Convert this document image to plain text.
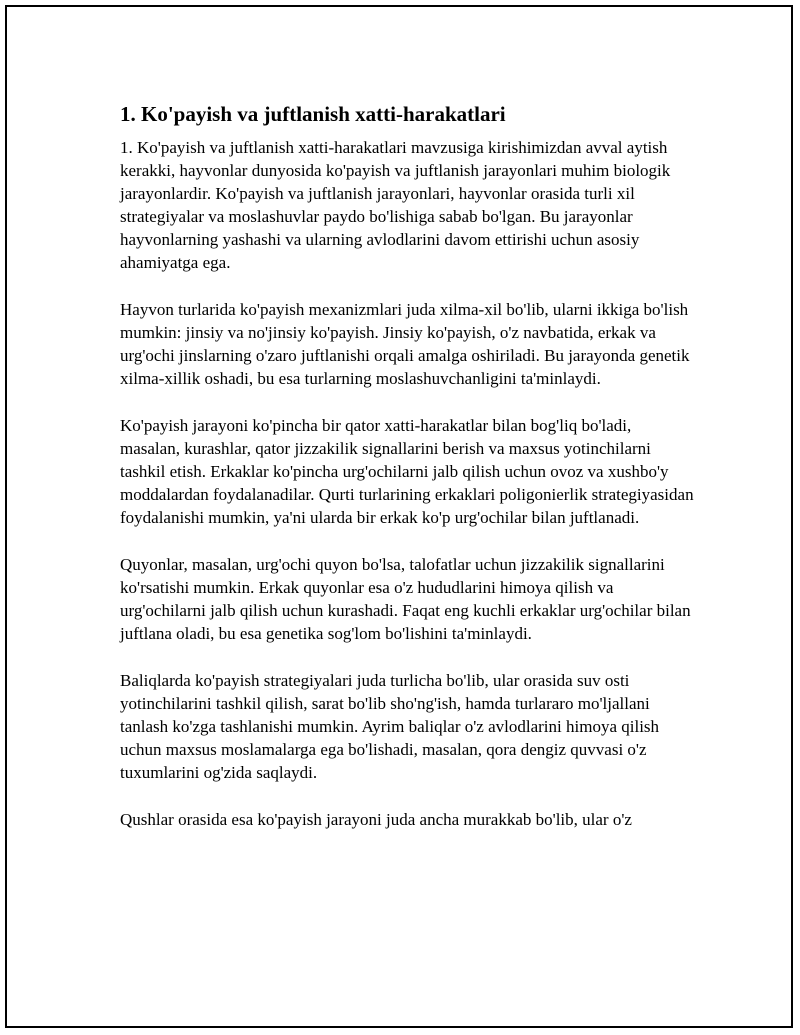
1. Ko'payish va juftlanish xatti-harakatlari

1. Ko'payish va juftlanish xatti-harakatlari mavzusiga kirishimizdan avval aytish kerakki, hayvonlar dunyosida ko'payish va juftlanish jarayonlari muhim biologik jarayonlardir. Ko'payish va juftlanish jarayonlari, hayvonlar orasida turli xil strategiyalar va moslashuvlar paydo bo'lishiga sabab bo'lgan. Bu jarayonlar hayvonlarning yashashi va ularning avlodlarini davom ettirishi uchun asosiy ahamiyatga ega.

Hayvon turlarida ko'payish mexanizmlari juda xilma-xil bo'lib, ularni ikkiga bo'lish mumkin: jinsiy va no'jinsiy ko'payish. Jinsiy ko'payish, o'z navbatida, erkak va urg'ochi jinslarning o'zaro juftlanishi orqali amalga oshiriladi. Bu jarayonda genetik xilma-xillik oshadi, bu esa turlarning moslashuvchanligini ta'minlaydi.

Ko'payish jarayoni ko'pincha bir qator xatti-harakatlar bilan bog'liq bo'ladi, masalan, kurashlar, qator jizzakilik signallarini berish va maxsus yotinchilarni tashkil etish. Erkaklar ko'pincha urg'ochilarni jalb qilish uchun ovoz va xushbo'y moddalardan foydalanadilar. Qurti turlarining erkaklari poligonierlik strategiyasidan foydalanishi mumkin, ya'ni ularda bir erkak ko'p urg'ochilar bilan juftlanadi.

Quyonlar, masalan, urg'ochi quyon bo'lsa, talofatlar uchun jizzakilik signallarini ko'rsatishi mumkin. Erkak quyonlar esa o'z hududlarini himoya qilish va urg'ochilarni jalb qilish uchun kurashadi. Faqat eng kuchli erkaklar urg'ochilar bilan juftlana oladi, bu esa genetika sog'lom bo'lishini ta'minlaydi.

Baliqlarda ko'payish strategiyalari juda turlicha bo'lib, ular orasida suv osti yotinchilarini tashkil qilish, sarat bo'lib sho'ng'ish, hamda turlararo mo'ljallani tanlash ko'zga tashlanishi mumkin. Ayrim baliqlar o'z avlodlarini himoya qilish uchun maxsus moslamalarga ega bo'lishadi, masalan, qora dengiz quvvasi o'z tuxumlarini og'zida saqlaydi.

Qushlar orasida esa ko'payish jarayoni juda ancha murakkab bo'lib, ular o'z
